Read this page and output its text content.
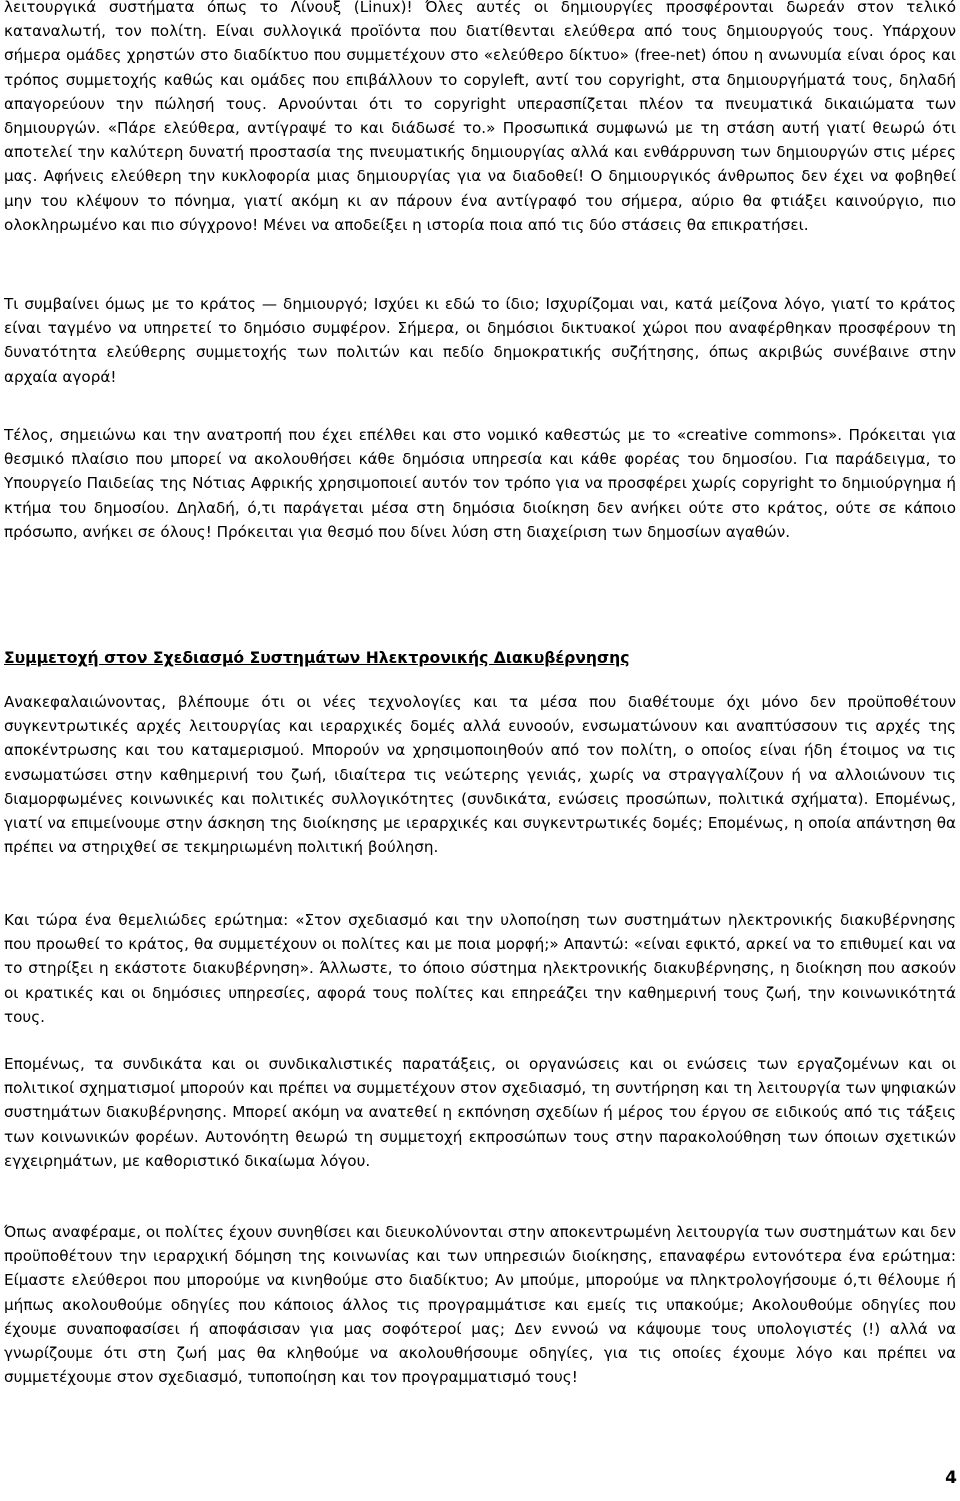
λειτουργικά συστήματα όπως το Λίνουξ (Linux)! Όλες αυτές οι δημιουργίες προσφέρονται δωρεάν στον τελικό καταναλωτή, τον πολίτη. Είναι συλλογικά προϊόντα που διατίθενται ελεύθερα από τους δημιουργούς τους. Υπάρχουν σήμερα ομάδες χρηστών στο διαδίκτυο που συμμετέχουν στο «ελεύθερο δίκτυο» (free-net) όπου η ανωνυμία είναι όρος και τρόπος συμμετοχής καθώς και ομάδες που επιβάλλουν το copyleft, αντί του copyright, στα δημιουργήματά τους, δηλαδή απαγορεύουν την πώλησή τους. Αρνούνται ότι το copyright υπερασπίζεται πλέον τα πνευματικά δικαιώματα των δημιουργών. «Πάρε ελεύθερα, αντίγραψέ το και διάδωσέ το.» Προσωπικά συμφωνώ με τη στάση αυτή γιατί θεωρώ ότι αποτελεί την καλύτερη δυνατή προστασία της πνευματικής δημιουργίας αλλά και ενθάρρυνση των δημιουργών στις μέρες μας. Αφήνεις ελεύθερη την κυκλοφορία μιας δημιουργίας για να διαδοθεί! Ο δημιουργικός άνθρωπος δεν έχει να φοβηθεί μην του κλέψουν το πόνημα, γιατί ακόμη κι αν πάρουν ένα αντίγραφό του σήμερα, αύριο θα φτιάξει καινούργιο, πιο ολοκληρωμένο και πιο σύγχρονο! Μένει να αποδείξει η ιστορία ποια από τις δύο στάσεις θα επικρατήσει.

Τι συμβαίνει όμως με το κράτος — δημιουργό; Ισχύει κι εδώ το ίδιο; Ισχυρίζομαι ναι, κατά μείζονα λόγο, γιατί το κράτος είναι ταγμένο να υπηρετεί το δημόσιο συμφέρον. Σήμερα, οι δημόσιοι δικτυακοί χώροι που αναφέρθηκαν προσφέρουν τη δυνατότητα ελεύθερης συμμετοχής των πολιτών και πεδίο δημοκρατικής συζήτησης, όπως ακριβώς συνέβαινε στην αρχαία αγορά!

Τέλος, σημειώνω και την ανατροπή που έχει επέλθει και στο νομικό καθεστώς με το «creative commons». Πρόκειται για θεσμικό πλαίσιο που μπορεί να ακολουθήσει κάθε δημόσια υπηρεσία και κάθε φορέας του δημοσίου. Για παράδειγμα, το Υπουργείο Παιδείας της Νότιας Αφρικής χρησιμοποιεί αυτόν τον τρόπο για να προσφέρει χωρίς copyright το δημιούργημα ή κτήμα του δημοσίου. Δηλαδή, ό,τι παράγεται μέσα στη δημόσια διοίκηση δεν ανήκει ούτε στο κράτος, ούτε σε κάποιο πρόσωπο, ανήκει σε όλους! Πρόκειται για θεσμό που δίνει λύση στη διαχείριση των δημοσίων αγαθών.

Συμμετοχή στον Σχεδιασμό Συστημάτων Ηλεκτρονικής Διακυβέρνησης

Ανακεφαλαιώνοντας, βλέπουμε ότι οι νέες τεχνολογίες και τα μέσα που διαθέτουμε όχι μόνο δεν προϋποθέτουν συγκεντρωτικές αρχές λειτουργίας και ιεραρχικές δομές αλλά ευνοούν, ενσωματώνουν και αναπτύσσουν τις αρχές της αποκέντρωσης και του καταμερισμού. Μπορούν να χρησιμοποιηθούν από τον πολίτη, ο οποίος είναι ήδη έτοιμος να τις ενσωματώσει στην καθημερινή του ζωή, ιδιαίτερα τις νεώτερης γενιάς, χωρίς να στραγγαλίζουν ή να αλλοιώνουν τις διαμορφωμένες κοινωνικές και πολιτικές συλλογικότητες (συνδικάτα, ενώσεις προσώπων, πολιτικά σχήματα). Επομένως, γιατί να επιμείνουμε στην άσκηση της διοίκησης με ιεραρχικές και συγκεντρωτικές δομές; Επομένως, η οποία απάντηση θα πρέπει να στηριχθεί σε τεκμηριωμένη πολιτική βούληση.

Και τώρα ένα θεμελιώδες ερώτημα: «Στον σχεδιασμό και την υλοποίηση των συστημάτων ηλεκτρονικής διακυβέρνησης που προωθεί το κράτος, θα συμμετέχουν οι πολίτες και με ποια μορφή;» Απαντώ: «είναι εφικτό, αρκεί να το επιθυμεί και να το στηρίξει η εκάστοτε διακυβέρνηση». Άλλωστε, το όποιο σύστημα ηλεκτρονικής διακυβέρνησης, η διοίκηση που ασκούν οι κρατικές και οι δημόσιες υπηρεσίες, αφορά τους πολίτες και επηρεάζει την καθημερινή τους ζωή, την κοινωνικότητά τους.

Επομένως, τα συνδικάτα και οι συνδικαλιστικές παρατάξεις, οι οργανώσεις και οι ενώσεις των εργαζομένων και οι πολιτικοί σχηματισμοί μπορούν και πρέπει να συμμετέχουν στον σχεδιασμό, τη συντήρηση και τη λειτουργία των ψηφιακών συστημάτων διακυβέρνησης. Μπορεί ακόμη να ανατεθεί η εκπόνηση σχεδίων ή μέρος του έργου σε ειδικούς από τις τάξεις των κοινωνικών φορέων. Αυτονόητη θεωρώ τη συμμετοχή εκπροσώπων τους στην παρακολούθηση των όποιων σχετικών εγχειρημάτων, με καθοριστικό δικαίωμα λόγου.

Όπως αναφέραμε, οι πολίτες έχουν συνηθίσει και διευκολύνονται στην αποκεντρωμένη λειτουργία των συστημάτων και δεν προϋποθέτουν την ιεραρχική δόμηση της κοινωνίας και των υπηρεσιών διοίκησης, επαναφέρω εντονότερα ένα ερώτημα: Είμαστε ελεύθεροι που μπορούμε να κινηθούμε στο διαδίκτυο; Αν μπούμε, μπορούμε να πληκτρολογήσουμε ό,τι θέλουμε ή μήπως ακολουθούμε οδηγίες που κάποιος άλλος τις προγραμμάτισε και εμείς τις υπακούμε; Ακολουθούμε οδηγίες που έχουμε συναποφασίσει ή αποφάσισαν για μας σοφότεροί μας; Δεν εννοώ να κάψουμε τους υπολογιστές (!) αλλά να γνωρίζουμε ότι στη ζωή μας θα κληθούμε να ακολουθήσουμε οδηγίες, για τις οποίες έχουμε λόγο και πρέπει να συμμετέχουμε στον σχεδιασμό, τυποποίηση και τον προγραμματισμό τους!

4
